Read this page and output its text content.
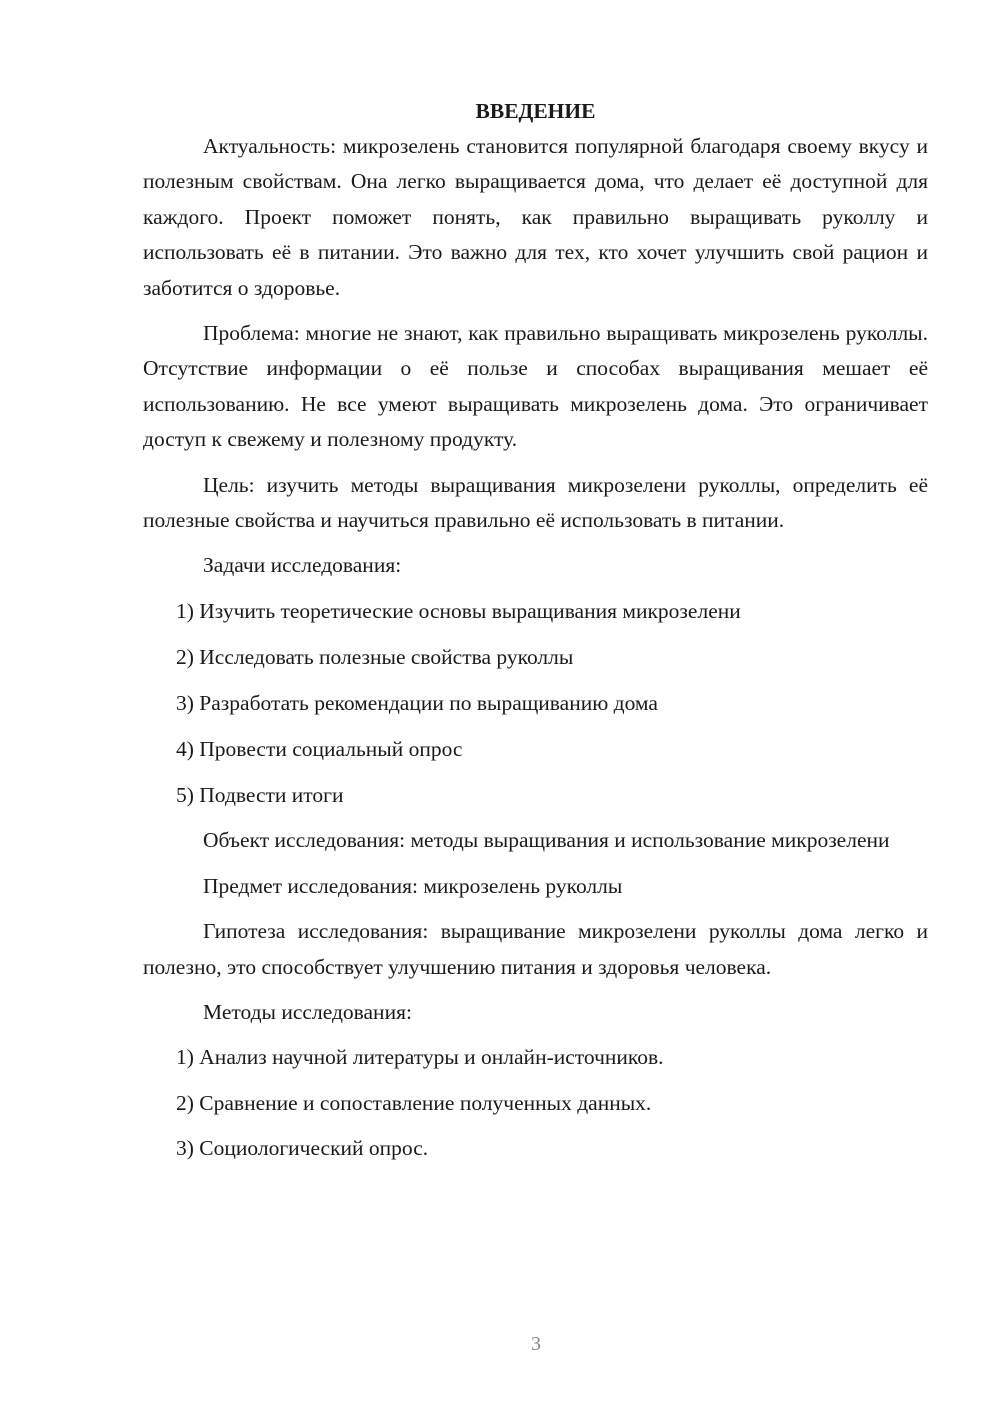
ВВЕДЕНИЕ

Актуальность: микрозелень становится популярной благодаря своему вкусу и полезным свойствам. Она легко выращивается дома, что делает её доступной для каждого. Проект поможет понять, как правильно выращивать руколлу и использовать её в питании. Это важно для тех, кто хочет улучшить свой рацион и заботится о здоровье.

Проблема: многие не знают, как правильно выращивать микрозелень руколлы. Отсутствие информации о её пользе и способах выращивания мешает её использованию. Не все умеют выращивать микрозелень дома. Это ограничивает доступ к свежему и полезному продукту.

Цель: изучить методы выращивания микрозелени руколлы, определить её полезные свойства и научиться правильно её использовать в питании.

Задачи исследования:

1) Изучить теоретические основы выращивания микрозелени
2) Исследовать полезные свойства руколлы
3) Разработать рекомендации по выращиванию дома
4) Провести социальный опрос
5) Подвести итоги

Объект исследования: методы выращивания и использование микрозелени

Предмет исследования: микрозелень руколлы

Гипотеза исследования: выращивание микрозелени руколлы дома легко и полезно, это способствует улучшению питания и здоровья человека.

Методы исследования:

1) Анализ научной литературы и онлайн-источников.
2) Сравнение и сопоставление полученных данных.
3) Социологический опрос.
3
